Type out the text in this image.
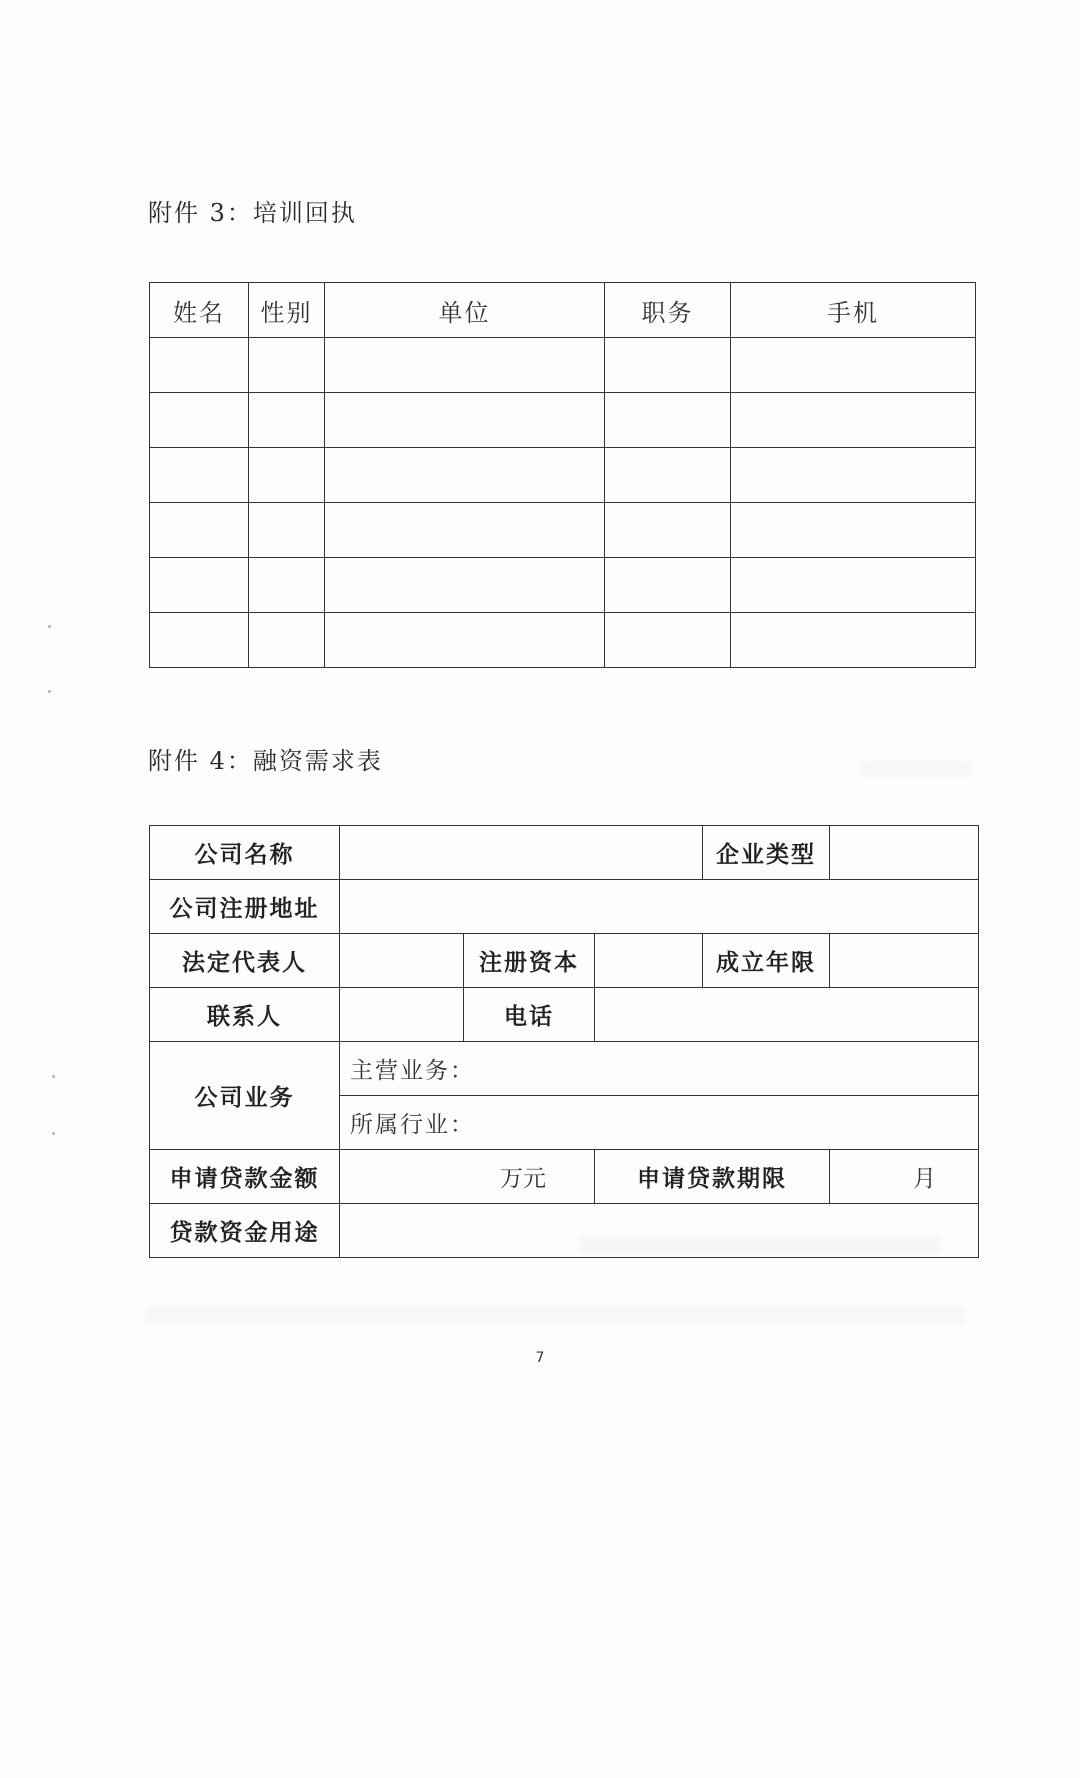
附件 3：培训回执
姓名	性别	单位	职务	手机

附件 4：融资需求表
公司名称				企业类型	
公司注册地址					
法定代表人		注册资本		成立年限	
联系人		电话			
公司业务	主营业务：				
	所属行业：				
申请贷款金额	万元		申请贷款期限		月
贷款资金用途					
7
